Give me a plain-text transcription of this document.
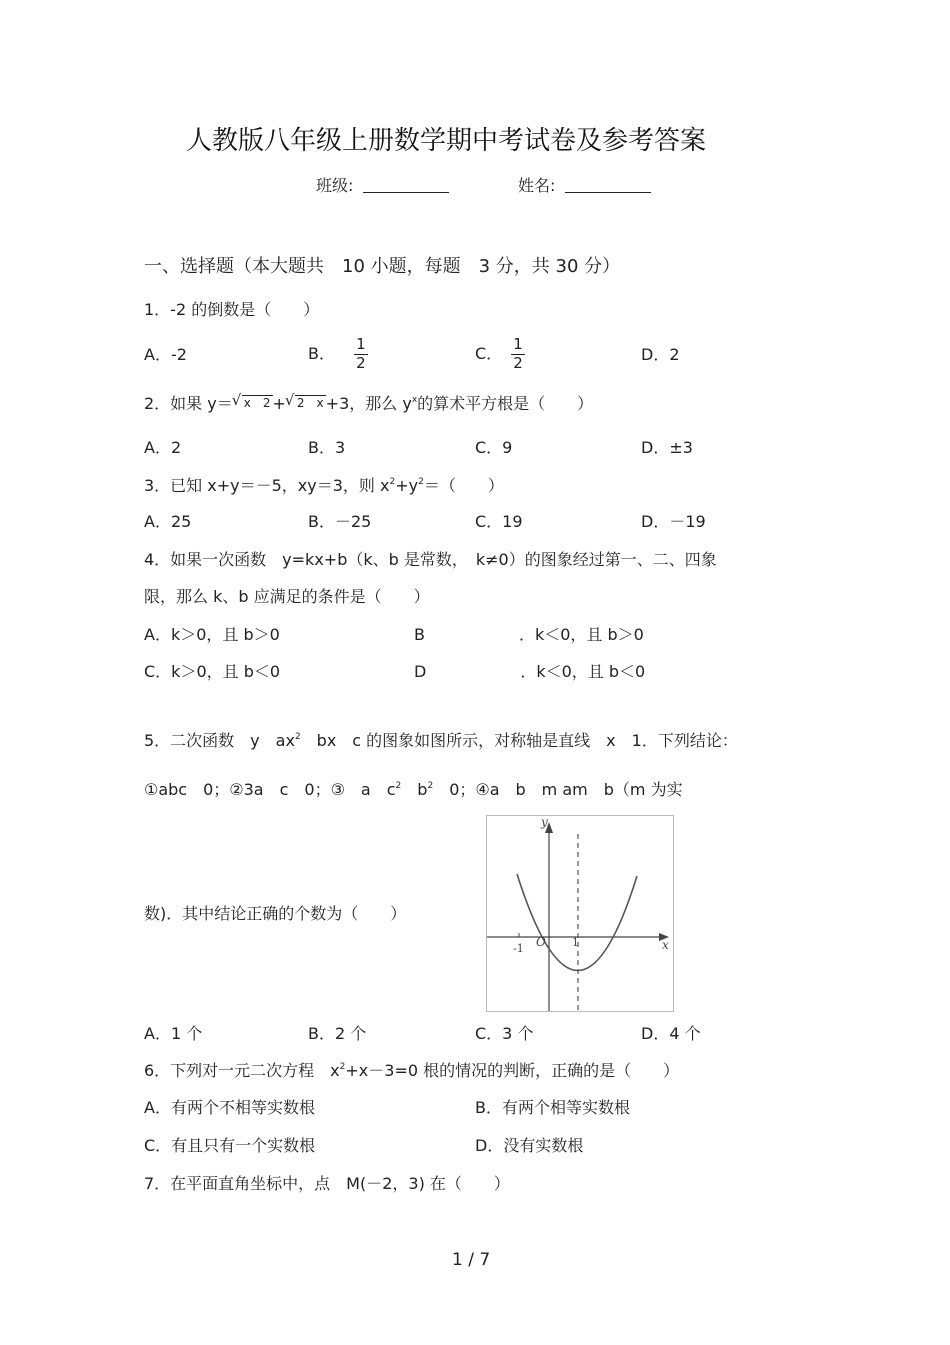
人教版八年级上册数学期中考试卷及参考答案
班级:	姓名:
一、选择题（本大题共　10 小题，每题　3 分，共 30 分）
1．-2 的倒数是（　　）
A．-2	B． $\frac{1}{2}$	C． $\frac{1}{2}$	D．2
2．如果 y＝ √ x　2 + √ 2　x +3，那么 $y^x$的算术平方根是（　　）
A．2	B．3	C．9	D．±3
3．已知 x+y＝－5，xy＝3，则 $x^2+y^2=$（　　）
A．25	B．－25	C．19	D．－19
4．如果一次函数　y=kx+b（k、b 是常数，　k≠0）的图象经过第一、二、四象
限，那么 k、b 应满足的条件是（　　）
A．k＞0，且 b＞0	B	．k＜0，且 b＞0
C．k＞0，且 b＜0	D	．k＜0，且 b＜0
5．二次函数　y　$ax^2$　bx　c 的图象如图所示，对称轴是直线　x　1．下列结论：
①abc　0；②3a　c　0；③　a　$c^2$　$b^2$　0；④a　b　m am　b（m 为实
数)．其中结论正确的个数为（　　）
y
x
O
-1	1
A．1 个	B．2 个	C．3 个	D．4 个
6．下列对一元二次方程　$x^2+x-3=0$ 根的情况的判断，正确的是（　　）
A．有两个不相等实数根	B．有两个相等实数根
C．有且只有一个实数根	D．没有实数根
7．在平面直角坐标中，点　M(－2，3) 在（　　）
1 / 7
